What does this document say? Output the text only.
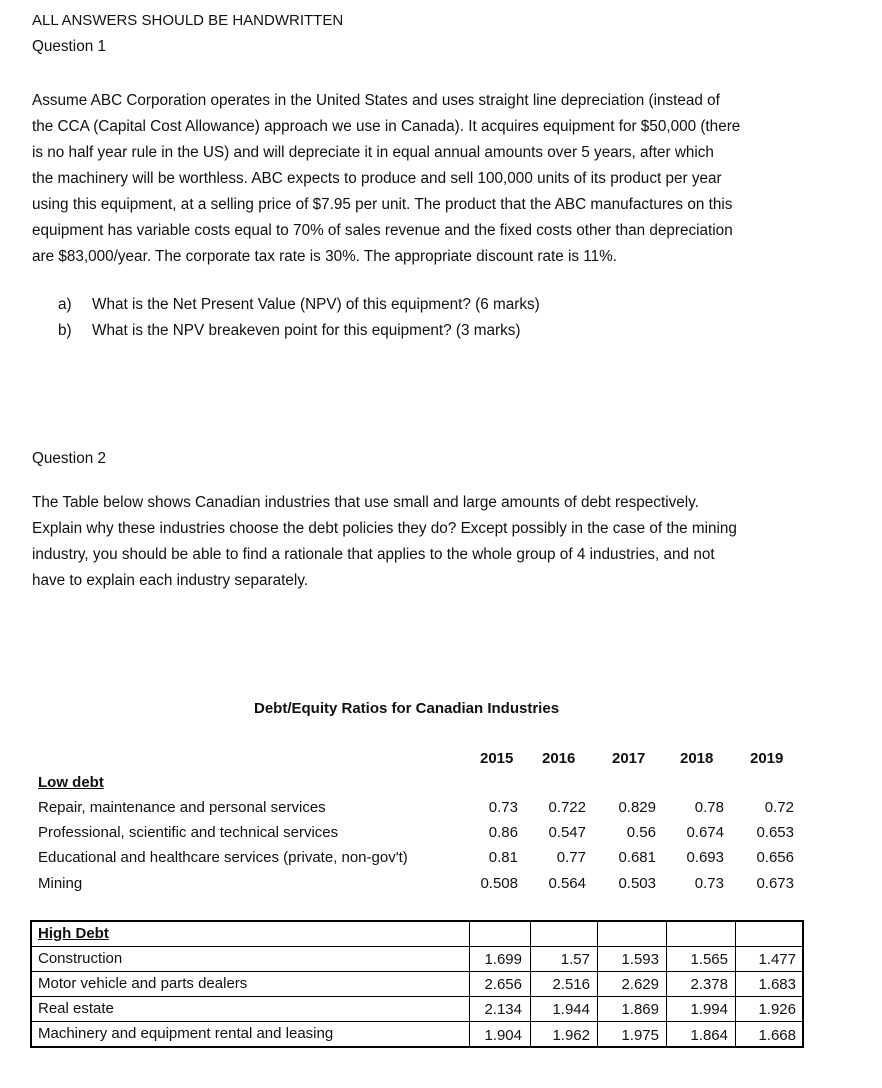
ALL ANSWERS SHOULD BE HANDWRITTEN
Question 1
Assume ABC Corporation operates in the United States and uses straight line depreciation (instead of
the CCA (Capital Cost Allowance) approach we use in Canada). It acquires equipment for $50,000 (there
is no half year rule in the US) and will depreciate it in equal annual amounts over 5 years, after which
the machinery will be worthless. ABC expects to produce and sell 100,000 units of its product per year
using this equipment, at a selling price of $7.95 per unit. The product that the ABC manufactures on this
equipment has variable costs equal to 70% of sales revenue and the fixed costs other than depreciation
are $83,000/year. The corporate tax rate is 30%. The appropriate discount rate is 11%.
a)	What is the Net Present Value (NPV) of this equipment? (6 marks)
b)	What is the NPV breakeven point for this equipment? (3 marks)
Question 2
The Table below shows Canadian industries that use small and large amounts of debt respectively.
Explain why these industries choose the debt policies they do? Except possibly in the case of the mining
industry, you should be able to find a rationale that applies to the whole group of 4 industries, and not
have to explain each industry separately.
Debt/Equity Ratios for Canadian Industries
2015 2016 2017 2018 2019
Low debt
Repair, maintenance and personal services	0.73	0.722	0.829	0.78	0.72
Professional, scientific and technical services	0.86	0.547	0.56	0.674	0.653
Educational and healthcare services (private, non-gov't)	0.81	0.77	0.681	0.693	0.656
Mining	0.508	0.564	0.503	0.73	0.673
High Debt
Construction	1.699	1.57	1.593	1.565	1.477
Motor vehicle and parts dealers	2.656	2.516	2.629	2.378	1.683
Real estate	2.134	1.944	1.869	1.994	1.926
Machinery and equipment rental and leasing	1.904	1.962	1.975	1.864	1.668
